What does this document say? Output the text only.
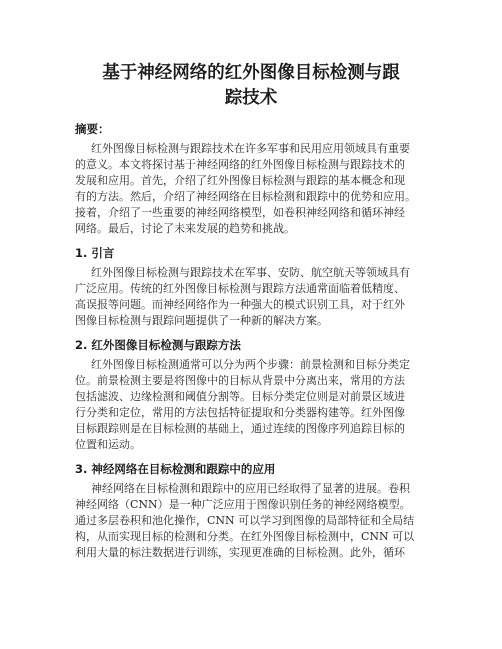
基于神经网络的红外图像目标检测与跟
踪技术
摘要：
红外图像目标检测与跟踪技术在许多军事和民用应用领域具有重要
的意义。本文将探讨基于神经网络的红外图像目标检测与跟踪技术的
发展和应用。首先，介绍了红外图像目标检测与跟踪的基本概念和现
有的方法。然后，介绍了神经网络在目标检测和跟踪中的优势和应用。
接着，介绍了一些重要的神经网络模型，如卷积神经网络和循环神经
网络。最后，讨论了未来发展的趋势和挑战。
1. 引言
红外图像目标检测与跟踪技术在军事、安防、航空航天等领域具有
广泛应用。传统的红外图像目标检测与跟踪方法通常面临着低精度、
高误报等问题。而神经网络作为一种强大的模式识别工具，对于红外
图像目标检测与跟踪问题提供了一种新的解决方案。
2. 红外图像目标检测与跟踪方法
红外图像目标检测通常可以分为两个步骤：前景检测和目标分类定
位。前景检测主要是将图像中的目标从背景中分离出来，常用的方法
包括滤波、边缘检测和阈值分割等。目标分类定位则是对前景区域进
行分类和定位，常用的方法包括特征提取和分类器构建等。红外图像
目标跟踪则是在目标检测的基础上，通过连续的图像序列追踪目标的
位置和运动。
3. 神经网络在目标检测和跟踪中的应用
神经网络在目标检测和跟踪中的应用已经取得了显著的进展。卷积
神经网络（CNN）是一种广泛应用于图像识别任务的神经网络模型。
通过多层卷积和池化操作，CNN 可以学习到图像的局部特征和全局结
构，从而实现目标的检测和分类。在红外图像目标检测中，CNN 可以
利用大量的标注数据进行训练，实现更准确的目标检测。此外，循环
